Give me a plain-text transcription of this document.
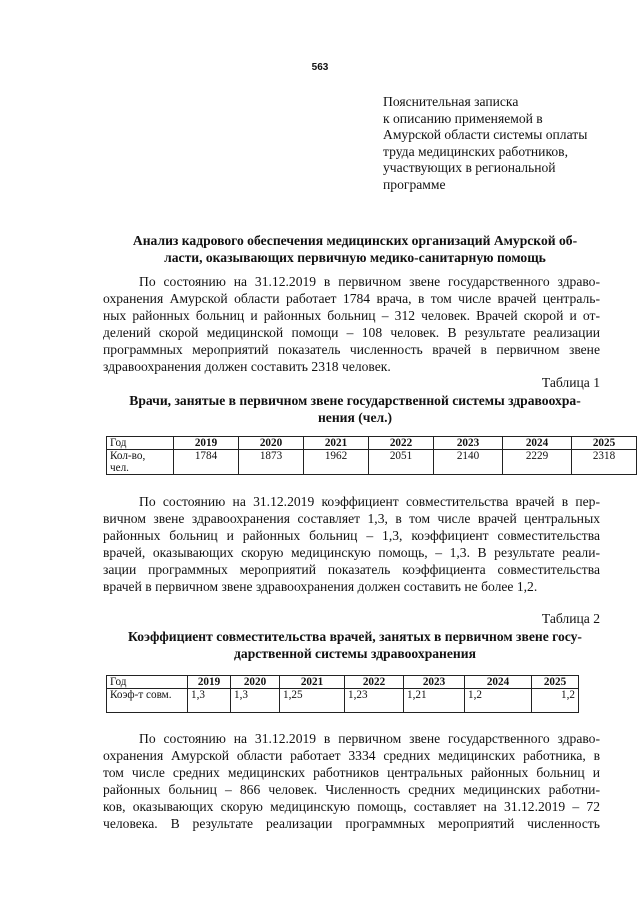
563
Пояснительная записка
к описанию применяемой в
Амурской области системы оплаты
труда медицинских работников,
участвующих в региональной
программе
Анализ кадрового обеспечения медицинских организаций Амурской об-
ласти, оказывающих первичную медико-санитарную помощь
По состоянию на 31.12.2019 в первичном звене государственного здраво-
охранения Амурской области работает 1784 врача, в том числе врачей централь-
ных районных больниц и районных больниц – 312 человек. Врачей скорой и от-
делений скорой медицинской помощи – 108 человек. В результате реализации
программных мероприятий показатель численность врачей в первичном звене
здравоохранения должен составить 2318 человек.
Таблица 1
Врачи, занятые в первичном звене государственной системы здравоохра-
нения (чел.)
Год	2019	2020	2021	2022	2023	2024	2025

Кол-во,
чел.	1784	1873	1962	2051	2140	2229	2318
По состоянию на 31.12.2019 коэффициент совместительства врачей в пер-
вичном звене здравоохранения составляет 1,3, в том числе врачей центральных
районных больниц и районных больниц – 1,3, коэффициент совместительства
врачей, оказывающих скорую медицинскую помощь, – 1,3. В результате реали-
зации программных мероприятий показатель коэффициента совместительства
врачей в первичном звене здравоохранения должен составить не более 1,2.
Таблица 2
Коэффициент совместительства врачей, занятых в первичном звене госу-
дарственной системы здравоохранения
Год	2019	2020	2021	2022	2023	2024	2025
Коэф-т совм.	1,3	1,3	1,25	1,23	1,21	1,2	1,2
По состоянию на 31.12.2019 в первичном звене государственного здраво-
охранения Амурской области работает 3334 средних медицинских работника, в
том числе средних медицинских работников центральных районных больниц и
районных больниц – 866 человек. Численность средних медицинских работни-
ков, оказывающих скорую медицинскую помощь, составляет на 31.12.2019 – 72
человека. В результате реализации программных мероприятий численность
